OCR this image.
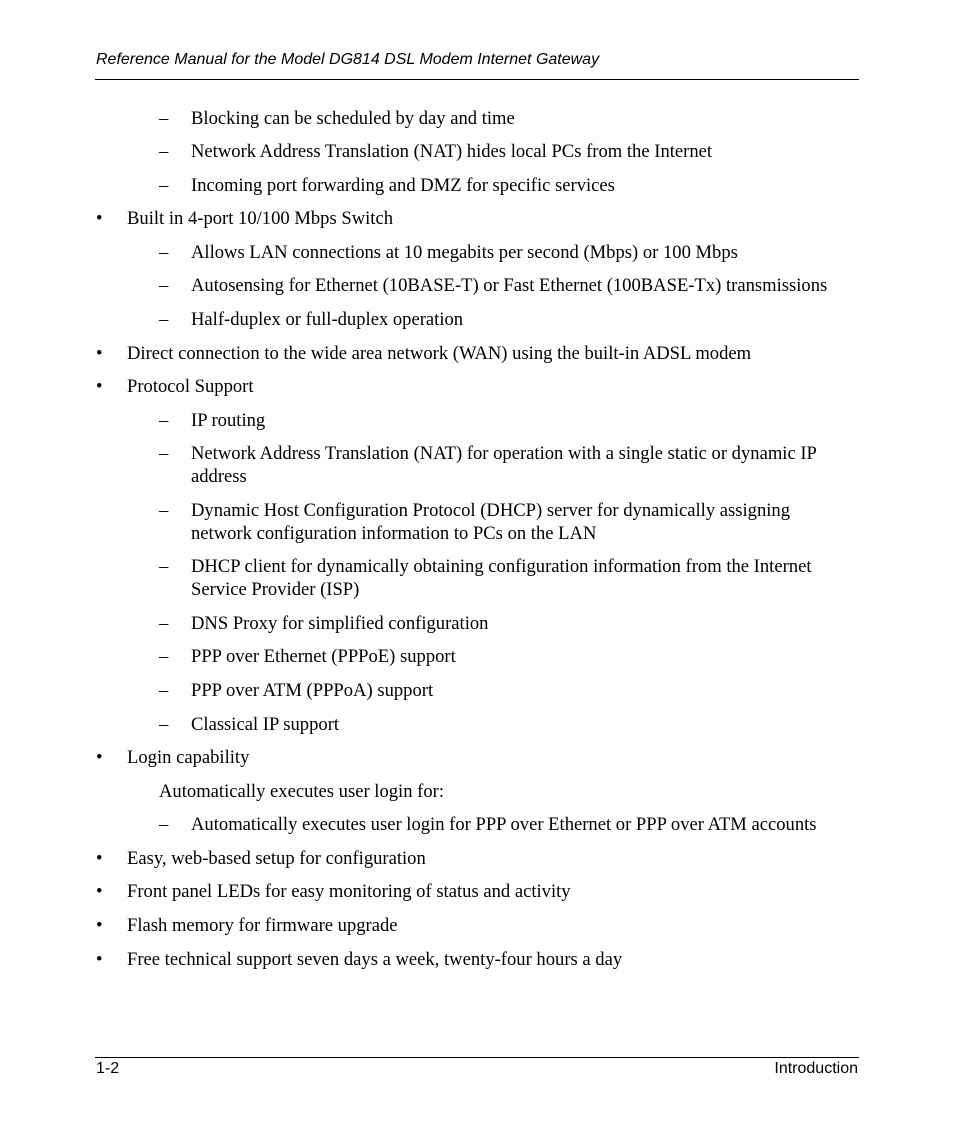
Reference Manual for the Model DG814 DSL Modem Internet Gateway
– Blocking can be scheduled by day and time
– Network Address Translation (NAT) hides local PCs from the Internet
– Incoming port forwarding and DMZ for specific services
• Built in 4-port 10/100 Mbps Switch
– Allows LAN connections at 10 megabits per second (Mbps) or 100 Mbps
– Autosensing for Ethernet (10BASE-T) or Fast Ethernet (100BASE-Tx) transmissions
– Half-duplex or full-duplex operation
• Direct connection to the wide area network (WAN) using the built-in ADSL modem
• Protocol Support
– IP routing
– Network Address Translation (NAT) for operation with a single static or dynamic IP
address
– Dynamic Host Configuration Protocol (DHCP) server for dynamically assigning
network configuration information to PCs on the LAN
– DHCP client for dynamically obtaining configuration information from the Internet
Service Provider (ISP)
– DNS Proxy for simplified configuration
– PPP over Ethernet (PPPoE) support
– PPP over ATM (PPPoA) support
– Classical IP support
• Login capability
Automatically executes user login for:
– Automatically executes user login for PPP over Ethernet or PPP over ATM accounts
• Easy, web-based setup for configuration
• Front panel LEDs for easy monitoring of status and activity
• Flash memory for firmware upgrade
• Free technical support seven days a week, twenty-four hours a day
1-2	Introduction
